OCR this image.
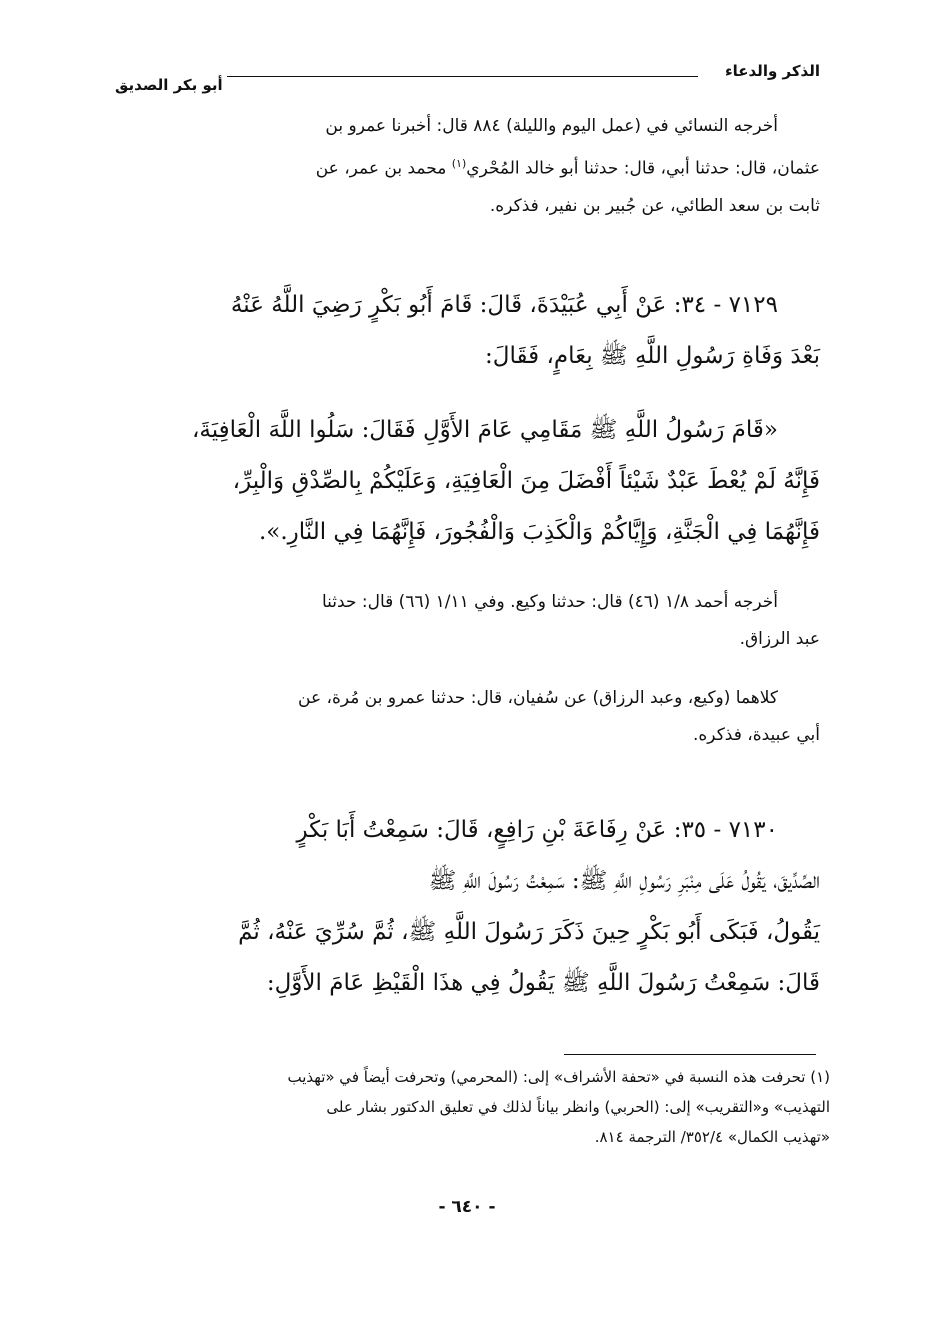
الذكر والدعاء
أبو بكر الصديق
أخرجه النسائي في (عمل اليوم والليلة) ٨٨٤ قال: أخبرنا عمرو بن
عثمان، قال: حدثنا أبي، قال: حدثنا أبو خالد المُحْري$^{(١)}$ محمد بن عمر، عن
ثابت بن سعد الطائي، عن جُبير بن نفير، فذكره.
٧١٢٩ - ٣٤: عَنْ أَبِي عُبَيْدَةَ، قَالَ: قَامَ أَبُو بَكْرٍ رَضِيَ اللَّهُ عَنْهُ
بَعْدَ وَفَاةِ رَسُولِ اللَّهِ ﷺ بِعَامٍ، فَقَالَ:
«قَامَ رَسُولُ اللَّهِ ﷺ مَقَامِي عَامَ الأَوَّلِ فَقَالَ: سَلُوا اللَّهَ الْعَافِيَةَ،
فَإِنَّهُ لَمْ يُعْطَ عَبْدٌ شَيْئاً أَفْضَلَ مِنَ الْعَافِيَةِ، وَعَلَيْكُمْ بِالصِّدْقِ وَالْبِرِّ،
فَإِنَّهُمَا فِي الْجَنَّةِ، وَإِيَّاكُمْ وَالْكَذِبَ وَالْفُجُورَ، فَإِنَّهُمَا فِي النَّارِ.».
أخرجه أحمد ١/٨ (٤٦) قال: حدثنا وكيع. وفي ١/١١ (٦٦) قال: حدثنا
عبد الرزاق.
كلاهما (وكيع، وعبد الرزاق) عن سُفيان، قال: حدثنا عمرو بن مُرة، عن
أبي عبيدة، فذكره.
٧١٣٠ - ٣٥: عَنْ رِفَاعَةَ بْنِ رَافِعٍ، قَالَ: سَمِعْتُ أَبَا بَكْرٍ
الصِّدِّيقَ، يَقُولُ عَلَى مِنْبَرِ رَسُولِ اللَّهِ ﷺ: سَمِعْتُ رَسُولَ اللَّهِ ﷺ
يَقُولُ، فَبَكَى أَبُو بَكْرٍ حِينَ ذَكَرَ رَسُولَ اللَّهِ ﷺ، ثُمَّ سُرِّيَ عَنْهُ، ثُمَّ
قَالَ: سَمِعْتُ رَسُولَ اللَّهِ ﷺ يَقُولُ فِي هذَا الْقَيْظِ عَامَ الأَوَّلِ:
(١) تحرفت هذه النسبة في «تحفة الأشراف» إلى: (المحرمي) وتحرفت أيضاً في «تهذيب
التهذيب» و«التقريب» إلى: (الحربي) وانظر بياناً لذلك في تعليق الدكتور بشار على
«تهذيب الكمال» ٣٥٢/٤/ الترجمة ٨١٤.
- ٦٤٠ -
